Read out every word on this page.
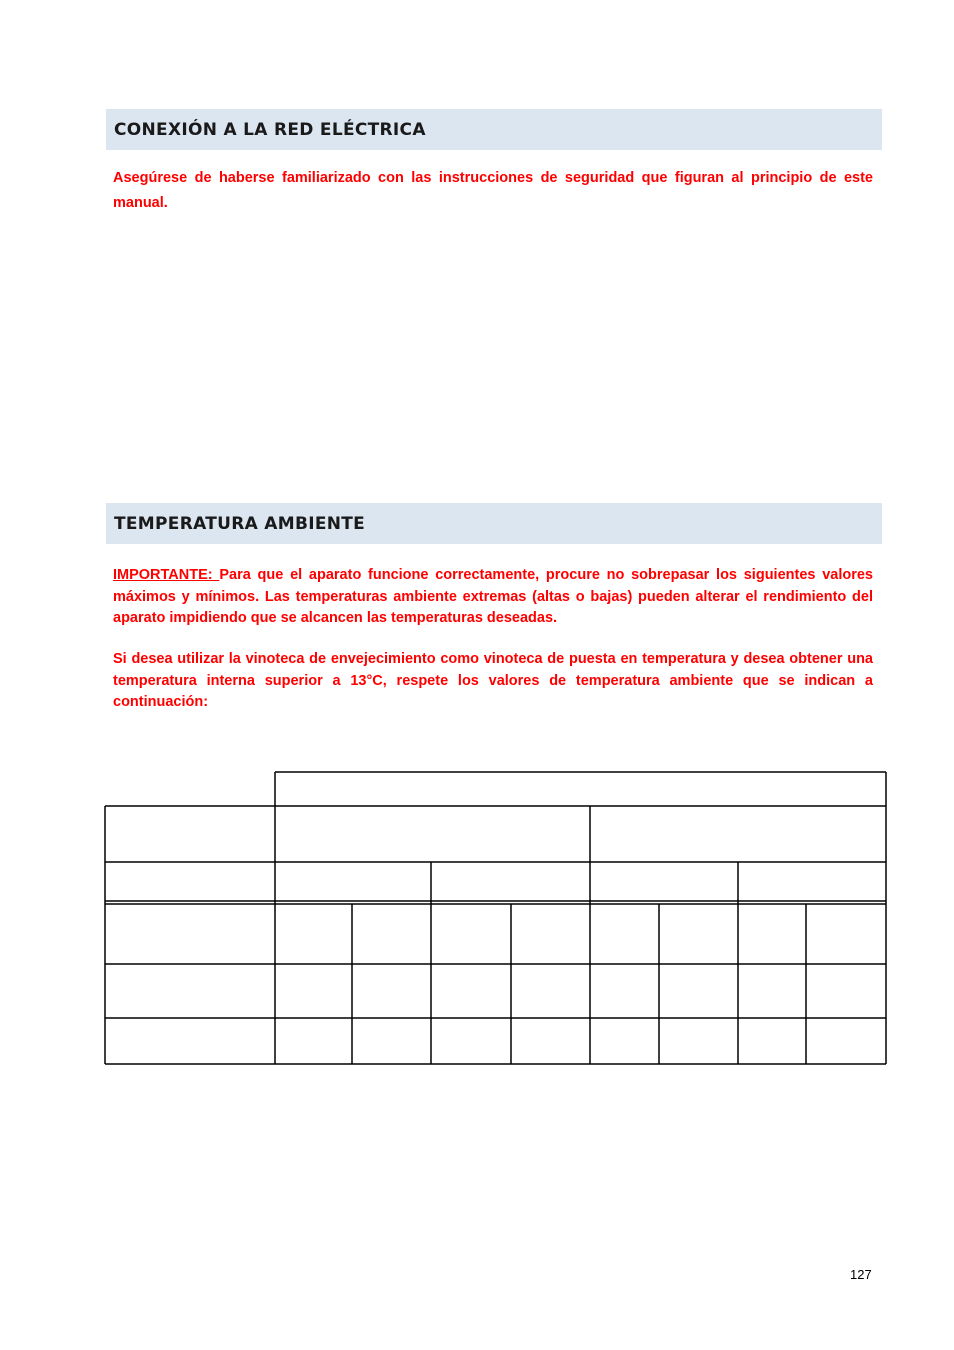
CONEXIÓN A LA RED ELÉCTRICA

Asegúrese de haberse familiarizado con las instrucciones de seguridad que figuran al principio de este manual.

TEMPERATURA AMBIENTE

IMPORTANTE: Para que el aparato funcione correctamente, procure no sobrepasar los siguientes valores máximos y mínimos. Las temperaturas ambiente extremas (altas o bajas) pueden alterar el rendimiento del aparato impidiendo que se alcancen las temperaturas deseadas.

Si desea utilizar la vinoteca de envejecimiento como vinoteca de puesta en temperatura y desea obtener una temperatura interna superior a 13°C, respete los valores de temperatura ambiente que se indican a continuación:

127
